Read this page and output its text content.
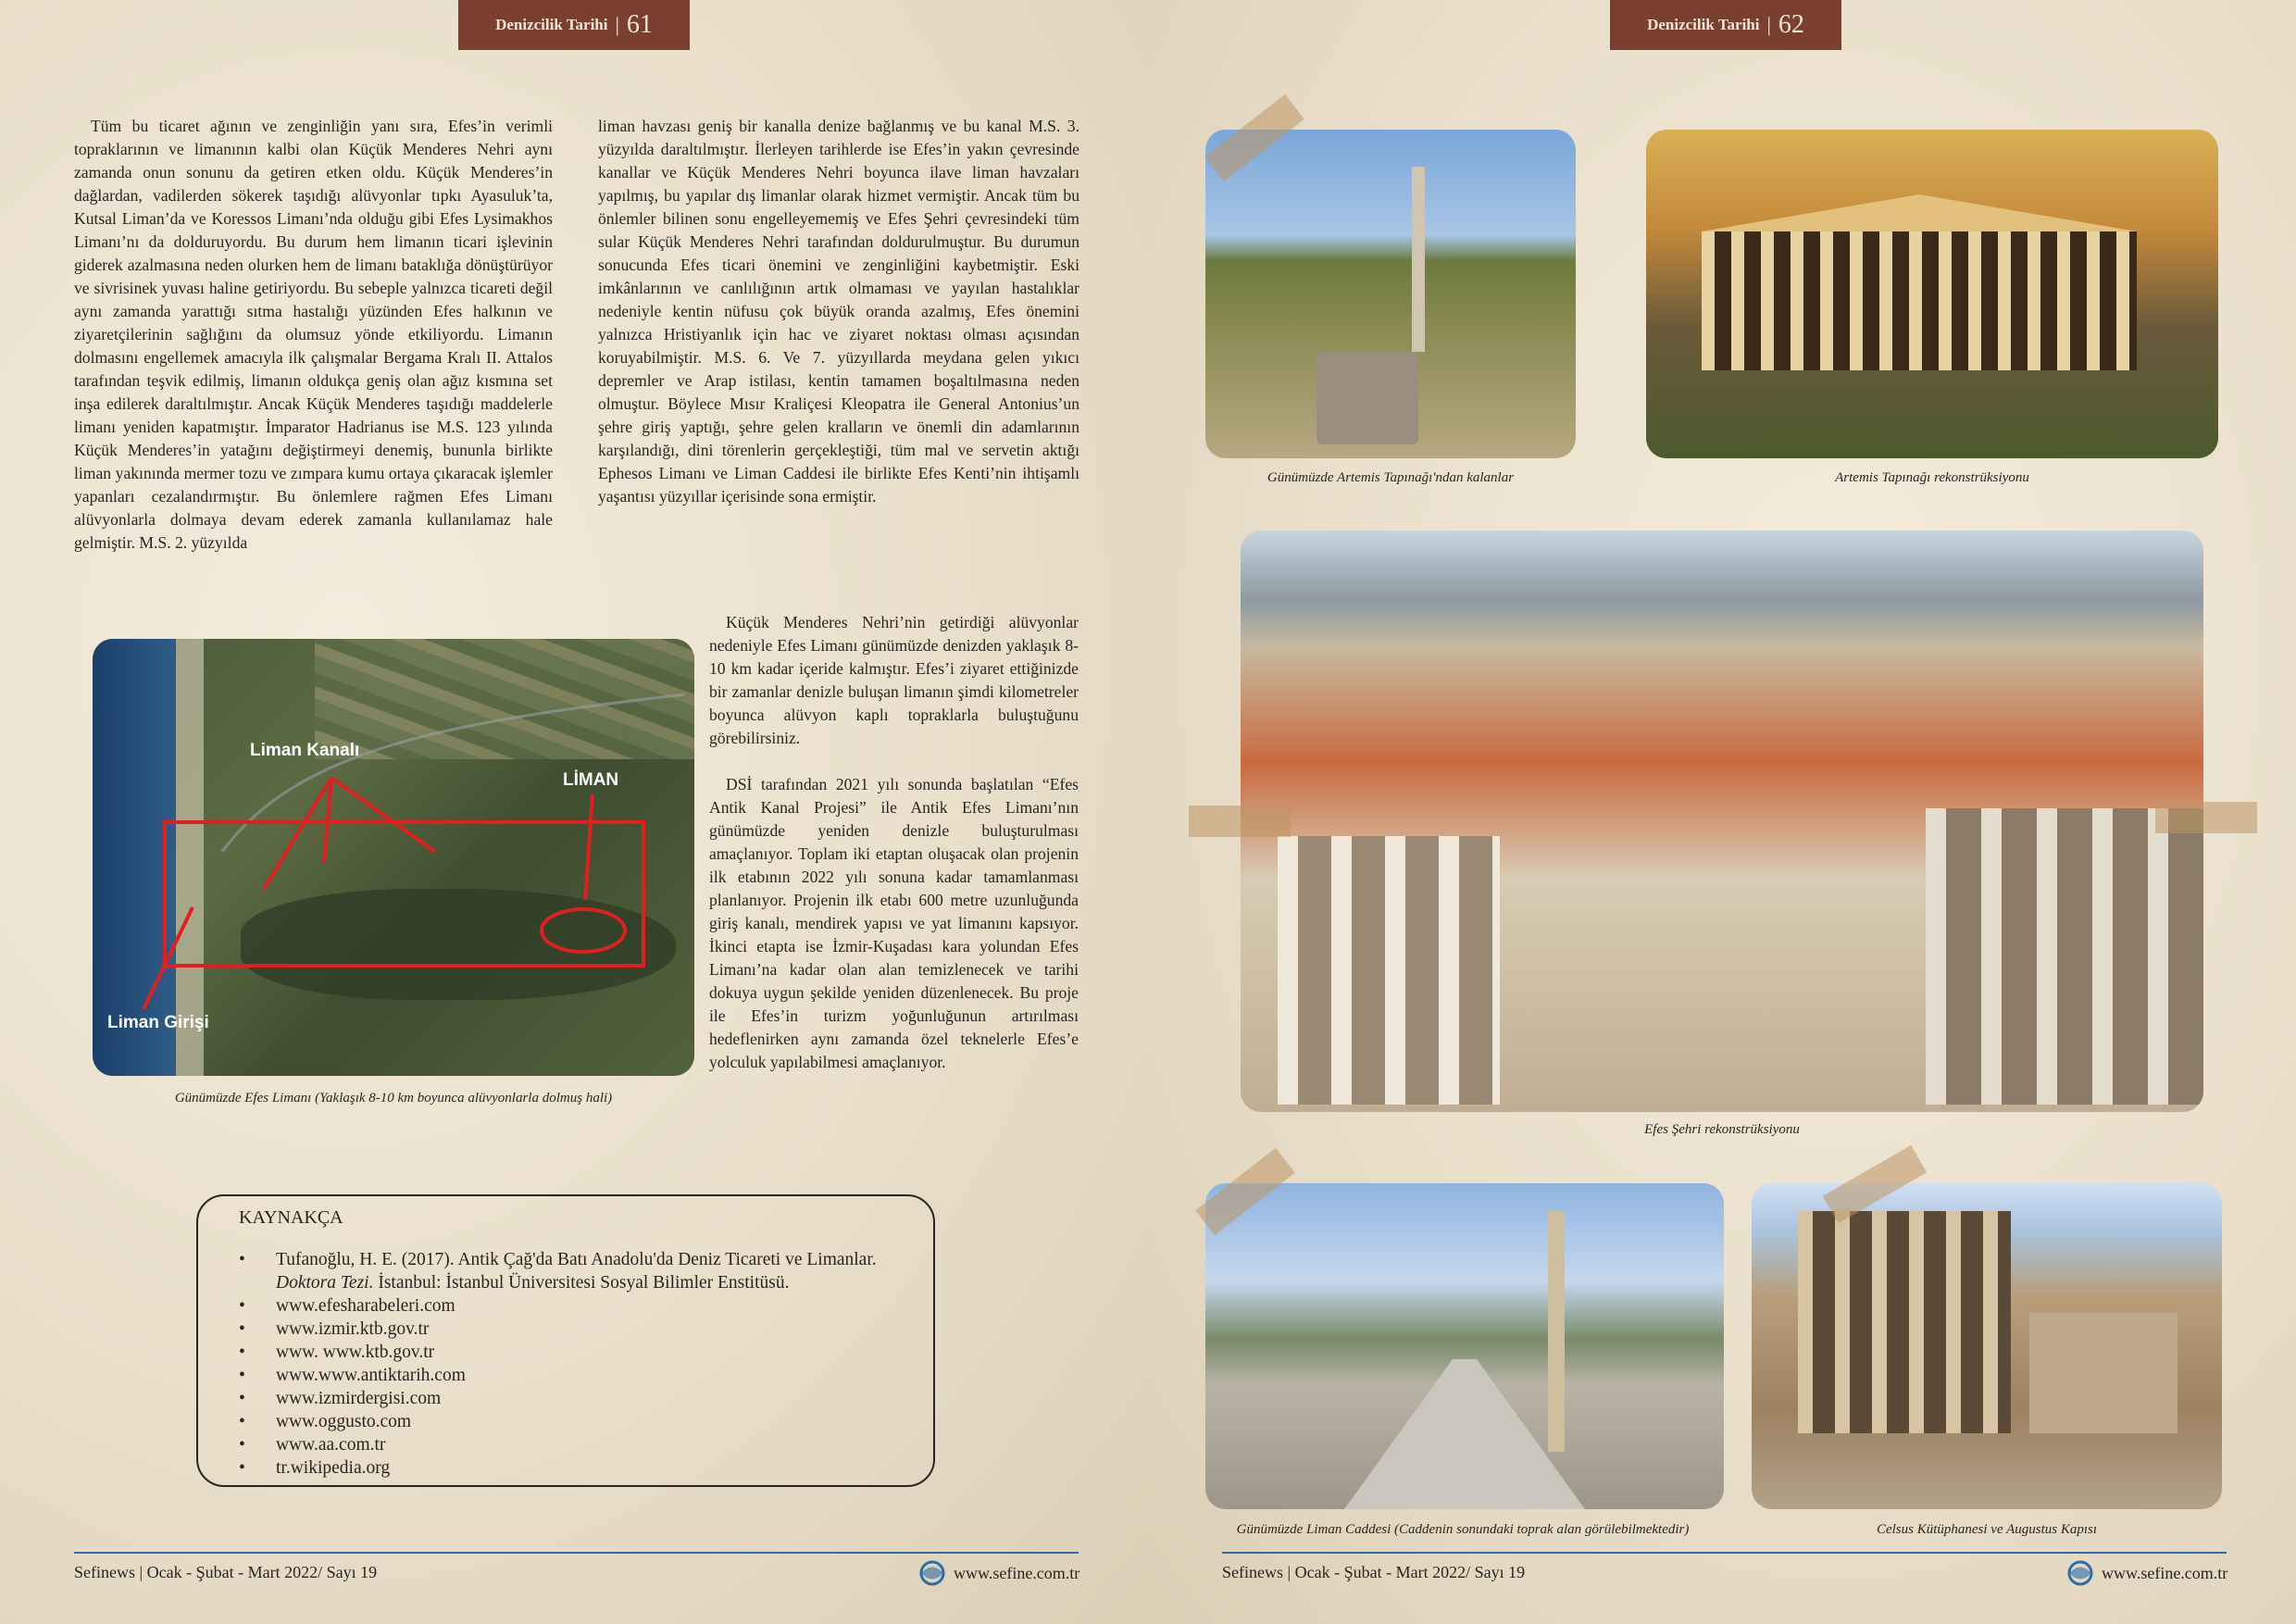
Denizcilik Tarihi | 61

Tüm bu ticaret ağının ve zenginliğin yanı sıra, Efes’in verimli topraklarının ve limanının kalbi olan Küçük Menderes Nehri aynı zamanda onun sonunu da getiren etken oldu. Küçük Menderes’in dağlardan, vadilerden sökerek taşıdığı alüvyonlar tıpkı Ayasuluk’ta, Kutsal Liman’da ve Koressos Limanı’nda olduğu gibi Efes Lysimakhos Limanı’nı da dolduruyordu. Bu durum hem limanın ticari işlevinin giderek azalmasına neden olurken hem de limanı bataklığa dönüştürüyor ve sivrisinek yuvası haline getiriyordu. Bu sebeple yalnızca ticareti değil aynı zamanda yarattığı sıtma hastalığı yüzünden Efes halkının ve ziyaretçilerinin sağlığını da olumsuz yönde etkiliyordu. Limanın dolmasını engellemek amacıyla ilk çalışmalar Bergama Kralı II. Attalos tarafından teşvik edilmiş, limanın oldukça geniş olan ağız kısmına set inşa edilerek daraltılmıştır. Ancak Küçük Menderes taşıdığı maddelerle limanı yeniden kapatmıştır. İmparator Hadrianus ise M.S. 123 yılında Küçük Menderes’in yatağını değiştirmeyi denemiş, bununla birlikte liman yakınında mermer tozu ve zımpara kumu ortaya çıkaracak işlemler yapanları cezalandırmıştır. Bu önlemlere rağmen Efes Limanı alüvyonlarla dolmaya devam ederek zamanla kullanılamaz hale gelmiştir. M.S. 2. yüzyılda

liman havzası geniş bir kanalla denize bağlanmış ve bu kanal M.S. 3. yüzyılda daraltılmıştır. İlerleyen tarihlerde ise Efes’in yakın çevresinde kanallar ve Küçük Menderes Nehri boyunca ilave liman havzaları yapılmış, bu yapılar dış limanlar olarak hizmet vermiştir. Ancak tüm bu önlemler bilinen sonu engelleyememiş ve Efes Şehri çevresindeki tüm sular Küçük Menderes Nehri tarafından doldurulmuştur. Bu durumun sonucunda Efes ticari önemini ve zenginliğini kaybetmiştir. Eski imkânlarının ve canlılığının artık olmaması ve yayılan hastalıklar nedeniyle kentin nüfusu çok büyük oranda azalmış, Efes önemini yalnızca Hristiyanlık için hac ve ziyaret noktası olması açısından koruyabilmiştir. M.S. 6. Ve 7. yüzyıllarda meydana gelen yıkıcı depremler ve Arap istilası, kentin tamamen boşaltılmasına neden olmuştur. Böylece Mısır Kraliçesi Kleopatra ile General Antonius’un şehre giriş yaptığı, şehre gelen kralların ve önemli din adamlarının karşılandığı, dini törenlerin gerçekleştiği, tüm mal ve servetin aktığı Ephesos Limanı ve Liman Caddesi ile birlikte Efes Kenti’nin ihtişamlı yaşantısı yüzyıllar içerisinde sona ermiştir.

Küçük Menderes Nehri’nin getirdiği alüvyonlar nedeniyle Efes Limanı günümüzde denizden yaklaşık 8-10 km kadar içeride kalmıştır. Efes’i ziyaret ettiğinizde bir zamanlar denizle buluşan limanın şimdi kilometreler boyunca alüvyon kaplı topraklarla buluştuğunu görebilirsiniz.

DSİ tarafından 2021 yılı sonunda başlatılan “Efes Antik Kanal Projesi” ile Antik Efes Limanı’nın günümüzde yeniden denizle buluşturulması amaçlanıyor. Toplam iki etaptan oluşacak olan projenin ilk etabının 2022 yılı sonuna kadar tamamlanması planlanıyor. Projenin ilk etabı 600 metre uzunluğunda giriş kanalı, mendirek yapısı ve yat limanını kapsıyor. İkinci etapta ise İzmir-Kuşadası kara yolundan Efes Limanı’na kadar olan alan temizlenecek ve tarihi dokuya uygun şekilde yeniden düzenlenecek. Bu proje ile Efes’in turizm yoğunluğunun artırılması hedeflenirken aynı zamanda özel teknelerle Efes’e yolculuk yapılabilmesi amaçlanıyor.

Liman Kanalı
LİMAN
Liman Girişi
Günümüzde Efes Limanı (Yaklaşık 8-10 km boyunca alüvyonlarla dolmuş hali)
KAYNAKÇA
• Tufanoğlu, H. E. (2017). Antik Çağ'da Batı Anadolu'da Deniz Ticareti ve Limanlar.
Doktora Tezi. İstanbul: İstanbul Üniversitesi Sosyal Bilimler Enstitüsü.
• www.efesharabeleri.com
• www.izmir.ktb.gov.tr
• www. www.ktb.gov.tr
• www.www.antiktarih.com
• www.izmirdergisi.com
• www.oggusto.com
• www.aa.com.tr
• tr.wikipedia.org
Sefinews | Ocak - Şubat - Mart 2022/ Sayı 19	www.sefine.com.tr
Denizcilik Tarihi | 62
Günümüzde Artemis Tapınağı'ndan kalanlar	Artemis Tapınağı rekonstrüksiyonu
Efes Şehri rekonstrüksiyonu
Günümüzde Liman Caddesi (Caddenin sonundaki toprak alan görülebilmektedir)	Celsus Kütüphanesi ve Augustus Kapısı
Sefinews | Ocak - Şubat - Mart 2022/ Sayı 19	www.sefine.com.tr
